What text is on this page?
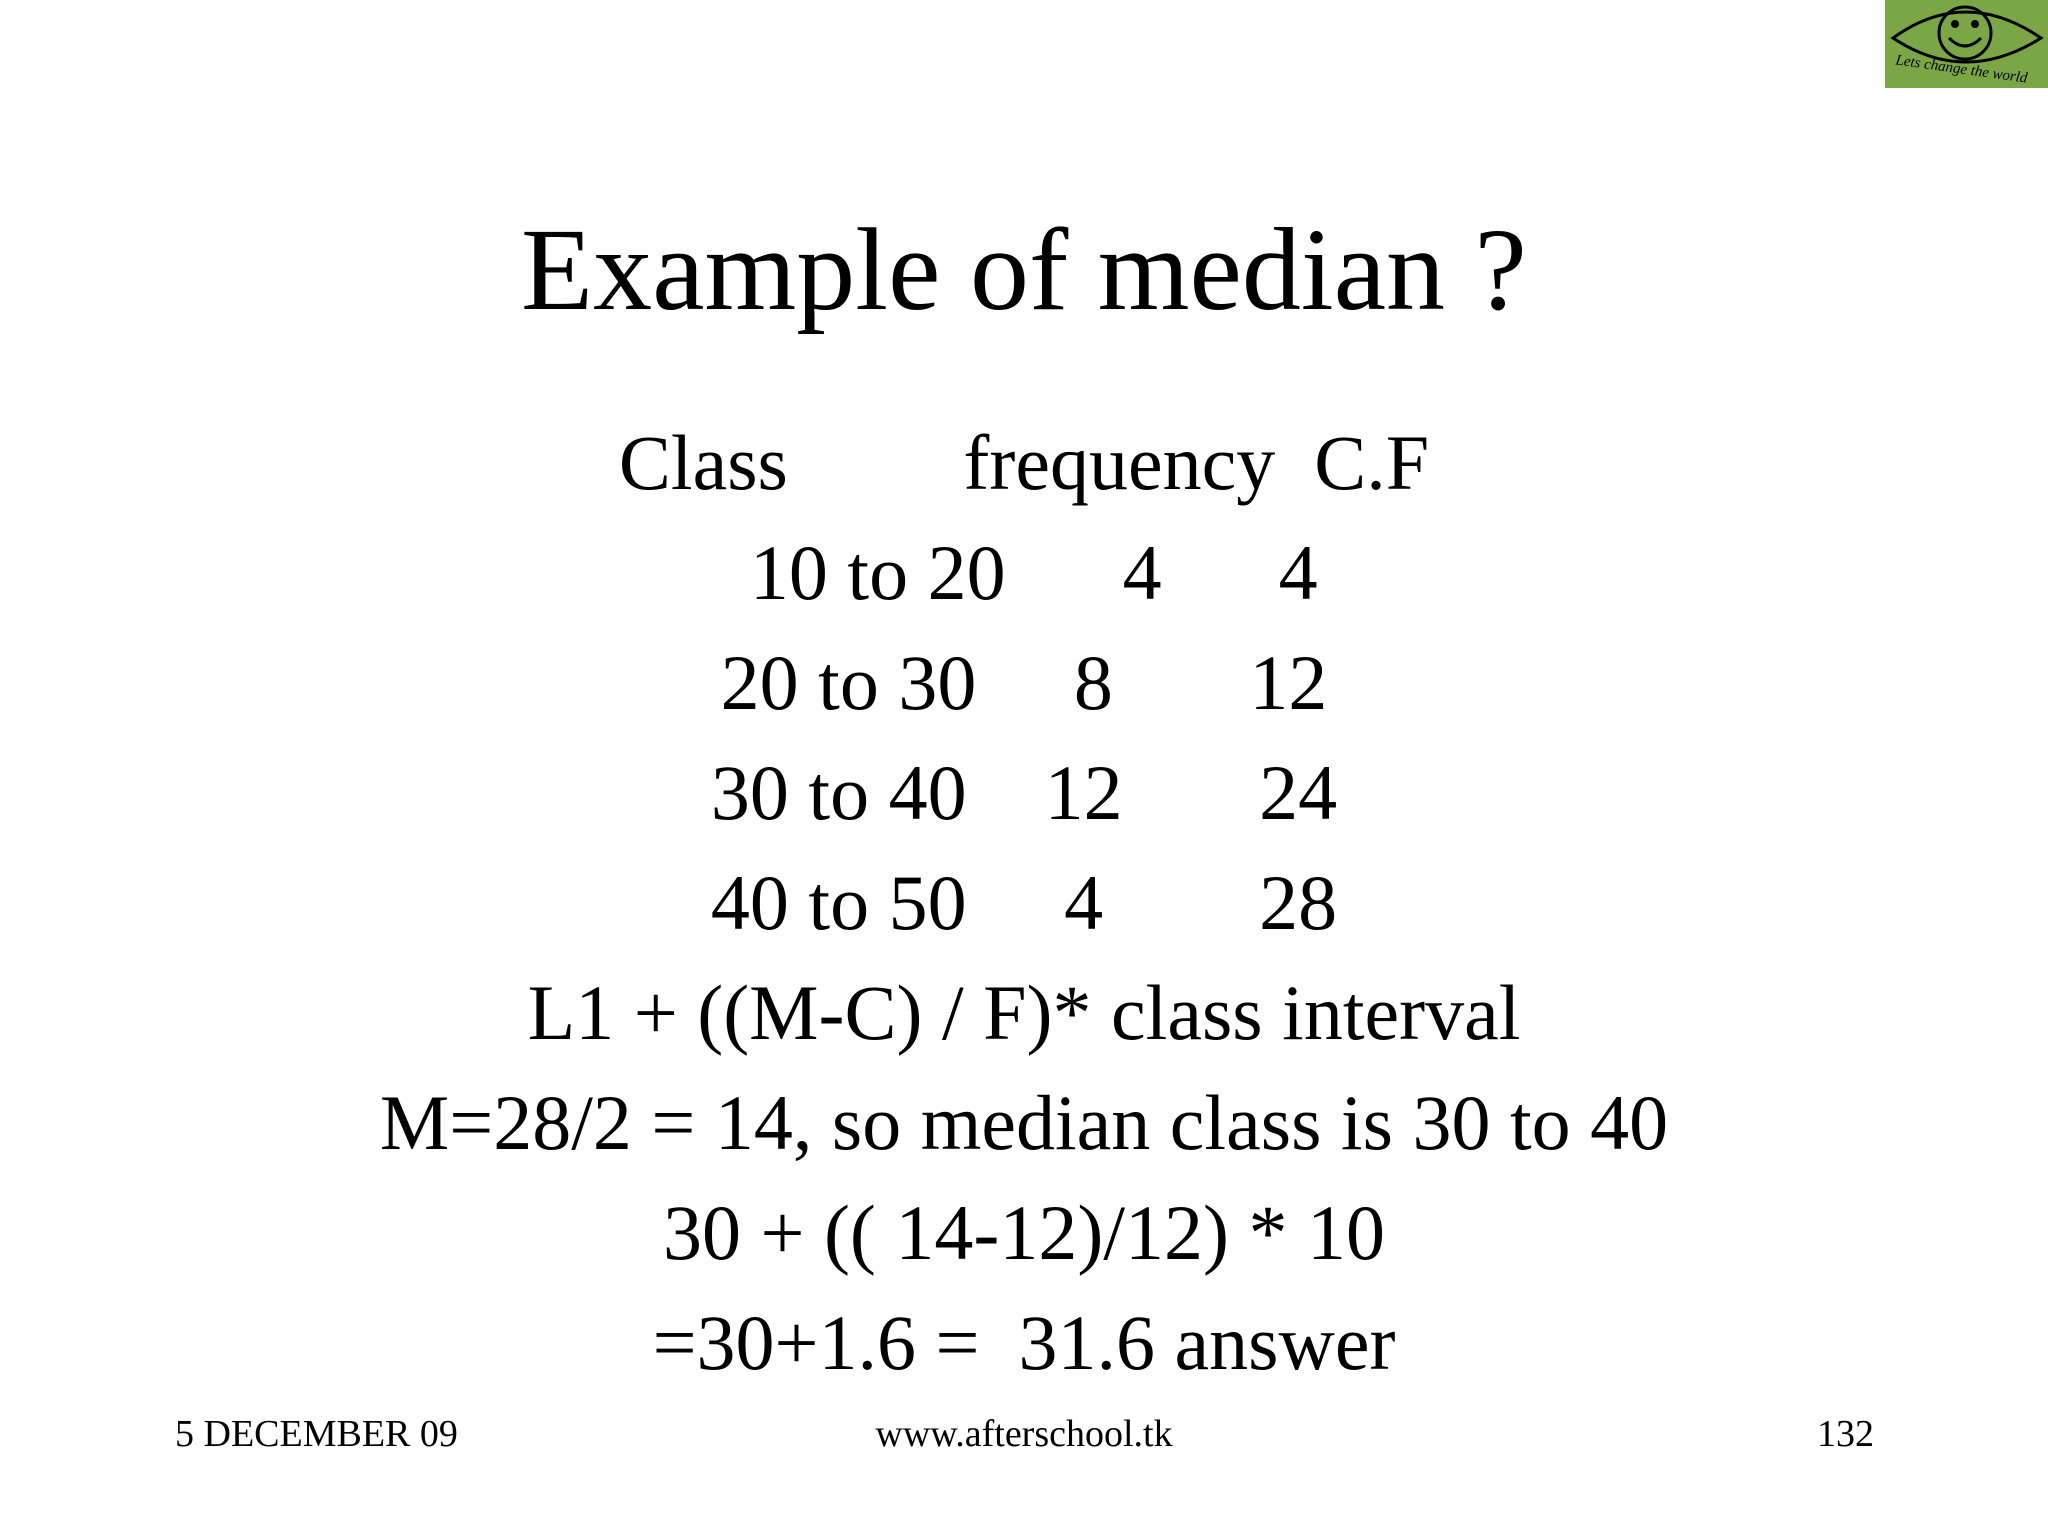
Lets change the world
Example of median ?
Class         frequency  C.F
10 to 20      4      4
20 to 30     8       12
30 to 40    12       24
40 to 50     4        28
L1 + ((M-C) / F)* class interval
M=28/2 = 14, so median class is 30 to 40
30 + (( 14-12)/12) * 10
=30+1.6 =  31.6 answer
5 DECEMBER 09	www.afterschool.tk	132
